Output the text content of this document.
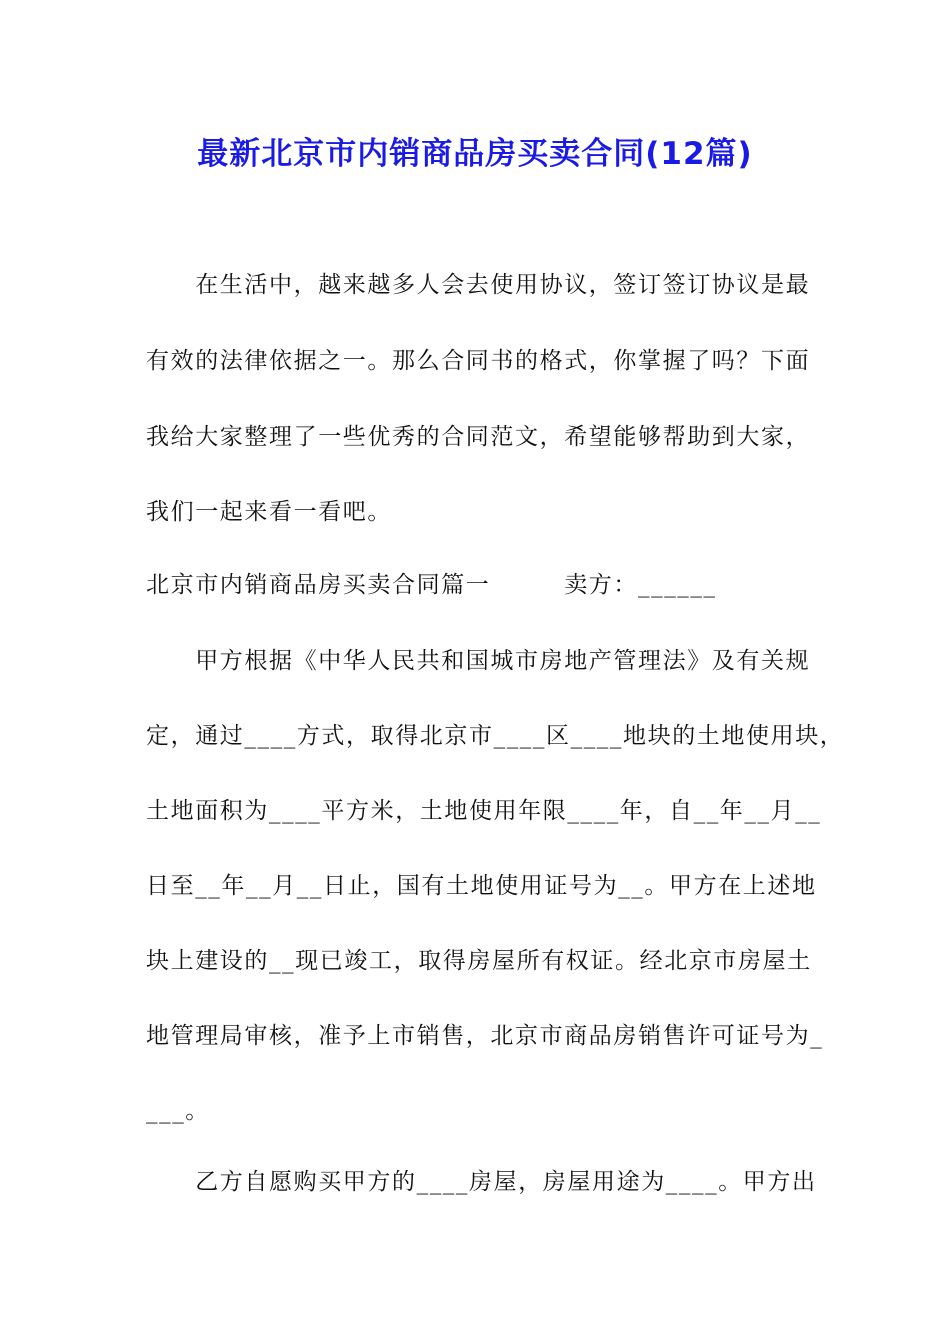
最新北京市内销商品房买卖合同(12篇)
　　在生活中，越来越多人会去使用协议，签订签订协议是最
有效的法律依据之一。那么合同书的格式，你掌握了吗？下面
我给大家整理了一些优秀的合同范文，希望能够帮助到大家，
我们一起来看一看吧。
北京市内销商品房买卖合同篇一　　　卖方：______
　　甲方根据《中华人民共和国城市房地产管理法》及有关规
定，通过____方式，取得北京市____区____地块的土地使用块，
土地面积为____平方米，土地使用年限____年，自__年__月__
日至__年__月__日止，国有土地使用证号为__。甲方在上述地
块上建设的__现已竣工，取得房屋所有权证。经北京市房屋土
地管理局审核，准予上市销售，北京市商品房销售许可证号为_
___。
　　乙方自愿购买甲方的____房屋，房屋用途为____。甲方出
